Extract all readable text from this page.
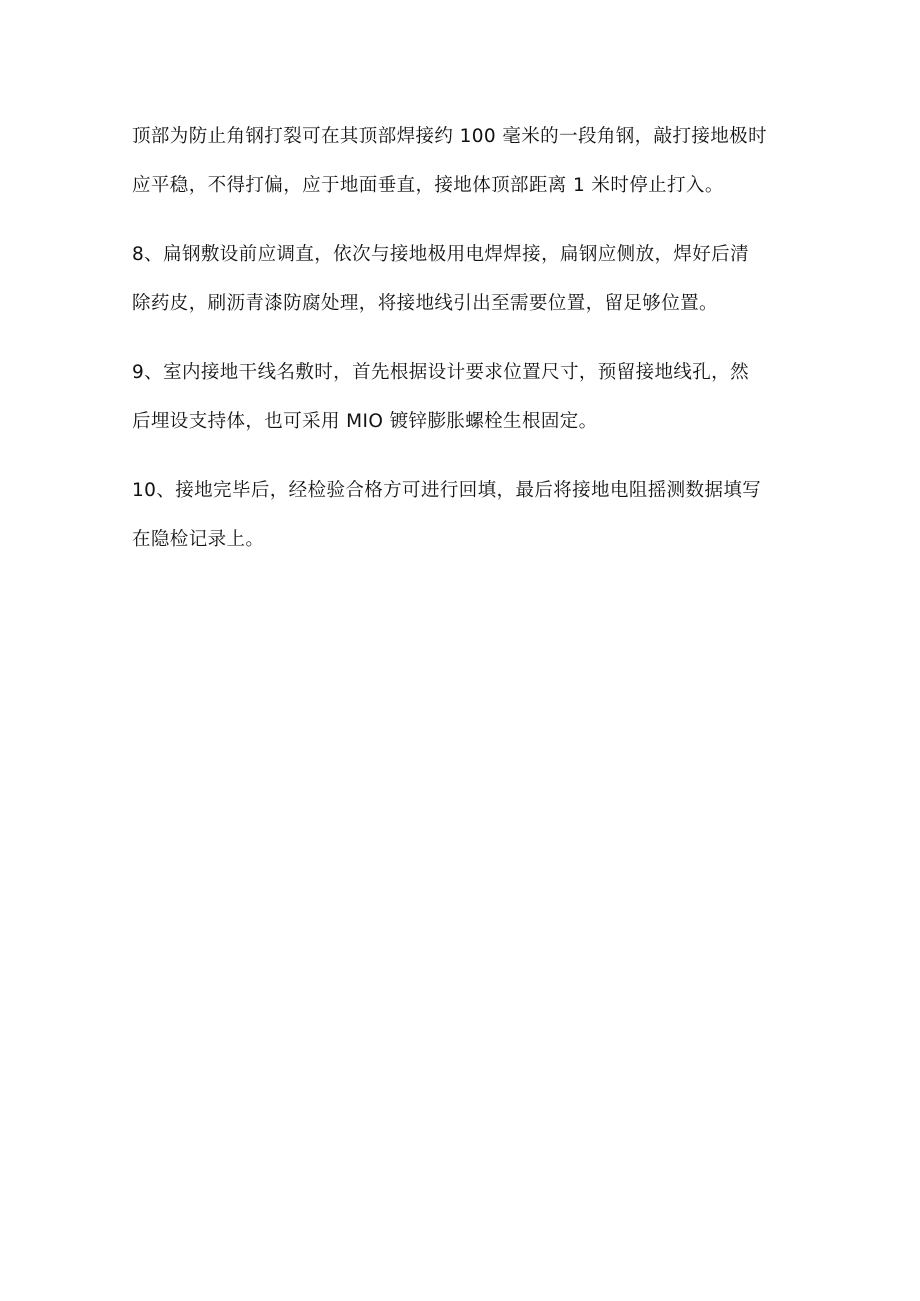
顶部为防止角钢打裂可在其顶部焊接约 100 毫米的一段角钢，敲打接地极时
应平稳，不得打偏，应于地面垂直，接地体顶部距离 1 米时停止打入。

8、扁钢敷设前应调直，依次与接地极用电焊焊接，扁钢应侧放，焊好后清
除药皮，刷沥青漆防腐处理，将接地线引出至需要位置，留足够位置。

9、室内接地干线名敷时，首先根据设计要求位置尺寸，预留接地线孔，然
后埋设支持体，也可采用 MIO 镀锌膨胀螺栓生根固定。

10、接地完毕后，经检验合格方可进行回填，最后将接地电阻摇测数据填写
在隐检记录上。
